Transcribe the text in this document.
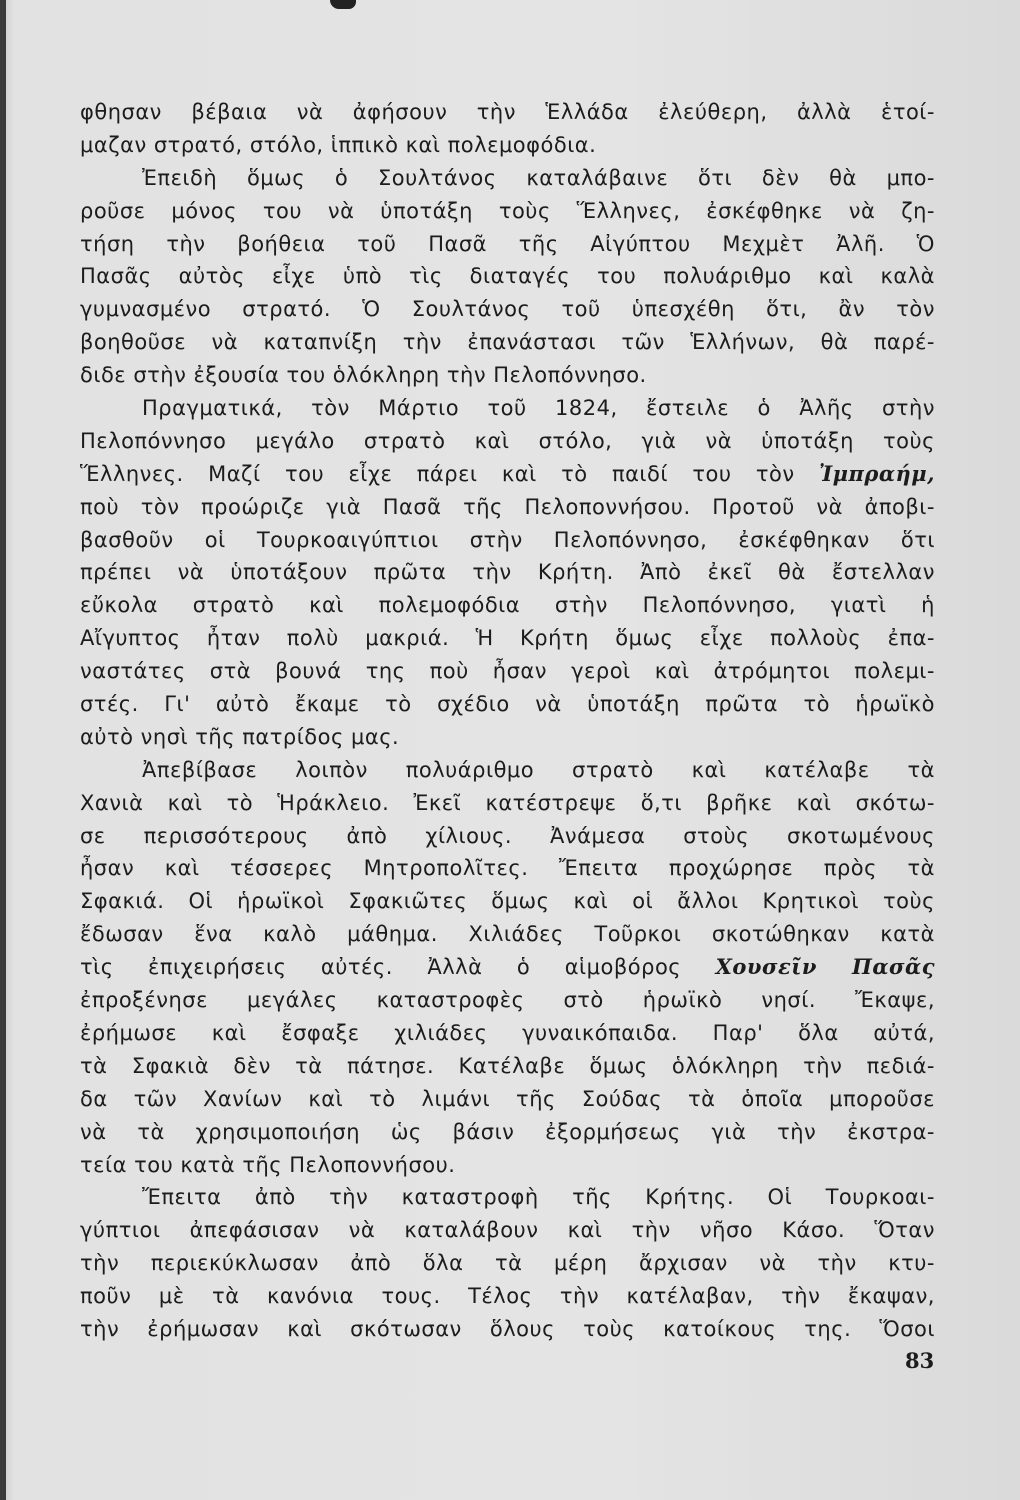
φθησαν βέβαια νὰ ἀφήσουν τὴν Ἑλλάδα ἐλεύθερη, ἀλλὰ ἑτοί-
μαζαν στρατό, στόλο, ἱππικὸ καὶ πολεμοφόδια.
Ἐπειδὴ ὅμως ὁ Σουλτάνος καταλάβαινε ὅτι δὲν θὰ μπο-
ροῦσε μόνος του νὰ ὑποτάξη τοὺς Ἕλληνες, ἐσκέφθηκε νὰ ζη-
τήση τὴν βοήθεια τοῦ Πασᾶ τῆς Αἰγύπτου Μεχμὲτ Ἀλῆ. Ὁ
Πασᾶς αὐτὸς εἶχε ὑπὸ τὶς διαταγές του πολυάριθμο καὶ καλὰ
γυμνασμένο στρατό. Ὁ Σουλτάνος τοῦ ὑπεσχέθη ὅτι, ἂν τὸν
βοηθοῦσε νὰ καταπνίξη τὴν ἐπανάστασι τῶν Ἑλλήνων, θὰ παρέ-
διδε στὴν ἐξουσία του ὁλόκληρη τὴν Πελοπόννησο.
Πραγματικά, τὸν Μάρτιο τοῦ 1824, ἔστειλε ὁ Ἀλῆς στὴν
Πελοπόννησο μεγάλο στρατὸ καὶ στόλο, γιὰ νὰ ὑποτάξη τοὺς
Ἕλληνες. Μαζί του εἶχε πάρει καὶ τὸ παιδί του τὸν Ἰμπραήμ,
ποὺ τὸν προώριζε γιὰ Πασᾶ τῆς Πελοποννήσου. Προτοῦ νὰ ἀποβι-
βασθοῦν οἱ Τουρκοαιγύπτιοι στὴν Πελοπόννησο, ἐσκέφθηκαν ὅτι
πρέπει νὰ ὑποτάξουν πρῶτα τὴν Κρήτη. Ἀπὸ ἐκεῖ θὰ ἔστελλαν
εὔκολα στρατὸ καὶ πολεμοφόδια στὴν Πελοπόννησο, γιατὶ ἡ
Αἴγυπτος ἦταν πολὺ μακριά. Ἡ Κρήτη ὅμως εἶχε πολλοὺς ἐπα-
ναστάτες στὰ βουνά της ποὺ ἦσαν γεροὶ καὶ ἀτρόμητοι πολεμι-
στές. Γι' αὐτὸ ἔκαμε τὸ σχέδιο νὰ ὑποτάξη πρῶτα τὸ ἡρωϊκὸ
αὐτὸ νησὶ τῆς πατρίδος μας.
Ἀπεβίβασε λοιπὸν πολυάριθμο στρατὸ καὶ κατέλαβε τὰ
Χανιὰ καὶ τὸ Ἡράκλειο. Ἐκεῖ κατέστρεψε ὅ,τι βρῆκε καὶ σκότω-
σε περισσότερους ἀπὸ χίλιους. Ἀνάμεσα στοὺς σκοτωμένους
ἦσαν καὶ τέσσερες Μητροπολῖτες. Ἔπειτα προχώρησε πρὸς τὰ
Σφακιά. Οἱ ἡρωϊκοὶ Σφακιῶτες ὅμως καὶ οἱ ἄλλοι Κρητικοὶ τοὺς
ἔδωσαν ἕνα καλὸ μάθημα. Χιλιάδες Τοῦρκοι σκοτώθηκαν κατὰ
τὶς ἐπιχειρήσεις αὐτές. Ἀλλὰ ὁ αἱμοβόρος Χουσεῖν Πασᾶς
ἐπροξένησε μεγάλες καταστροφὲς στὸ ἡρωϊκὸ νησί. Ἔκαψε,
ἐρήμωσε καὶ ἔσφαξε χιλιάδες γυναικόπαιδα. Παρ' ὅλα αὐτά,
τὰ Σφακιὰ δὲν τὰ πάτησε. Κατέλαβε ὅμως ὁλόκληρη τὴν πεδιά-
δα τῶν Χανίων καὶ τὸ λιμάνι τῆς Σούδας τὰ ὁποῖα μποροῦσε
νὰ τὰ χρησιμοποιήση ὡς βάσιν ἐξορμήσεως γιὰ τὴν ἐκστρα-
τεία του κατὰ τῆς Πελοποννήσου.
Ἔπειτα ἀπὸ τὴν καταστροφὴ τῆς Κρήτης. Οἱ Τουρκοαι-
γύπτιοι ἀπεφάσισαν νὰ καταλάβουν καὶ τὴν νῆσο Κάσο. Ὅταν
τὴν περιεκύκλωσαν ἀπὸ ὅλα τὰ μέρη ἄρχισαν νὰ τὴν κτυ-
ποῦν μὲ τὰ κανόνια τους. Τέλος τὴν κατέλαβαν, τὴν ἔκαψαν,
τὴν ἐρήμωσαν καὶ σκότωσαν ὅλους τοὺς κατοίκους της. Ὅσοι
83
